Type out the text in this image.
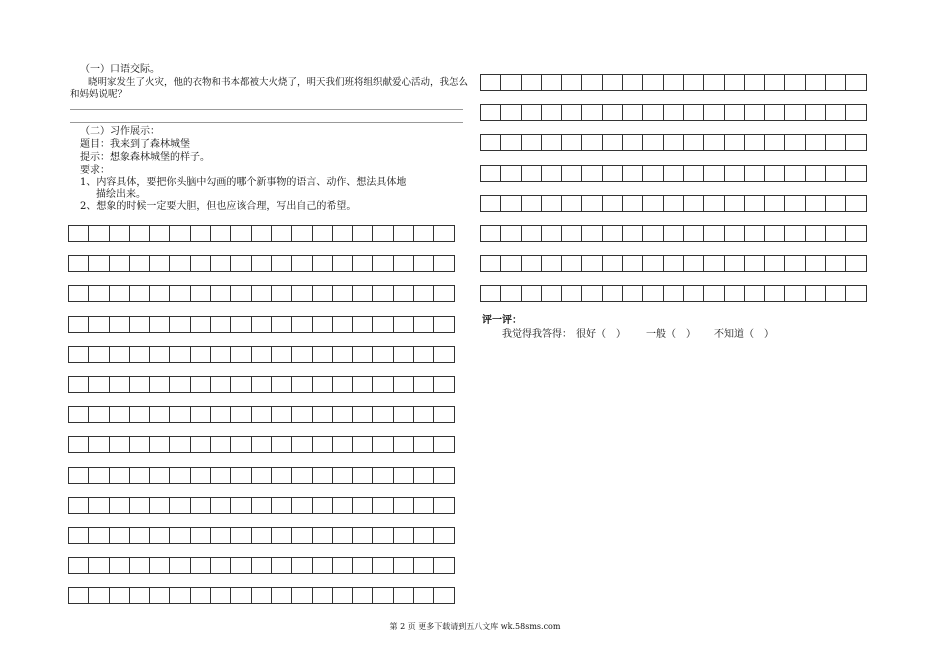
（一）口语交际。
晓明家发生了火灾，他的衣物和书本都被大火烧了，明天我们班将组织献爱心活动，我怎么
和妈妈说呢？
（二）习作展示：
题目：我来到了森林城堡
提示：想象森林城堡的样子。
要求：
1、内容具体，要把你头脑中勾画的哪个新事物的语言、动作、想法具体地
描绘出来。
2、想象的时候一定要大胆，但也应该合理，写出自己的希望。
评一评：
我觉得我答得： 很好（　） 一般（　） 不知道（　）
第 2 页 更多下载请到五八文库 wk.58sms.com
